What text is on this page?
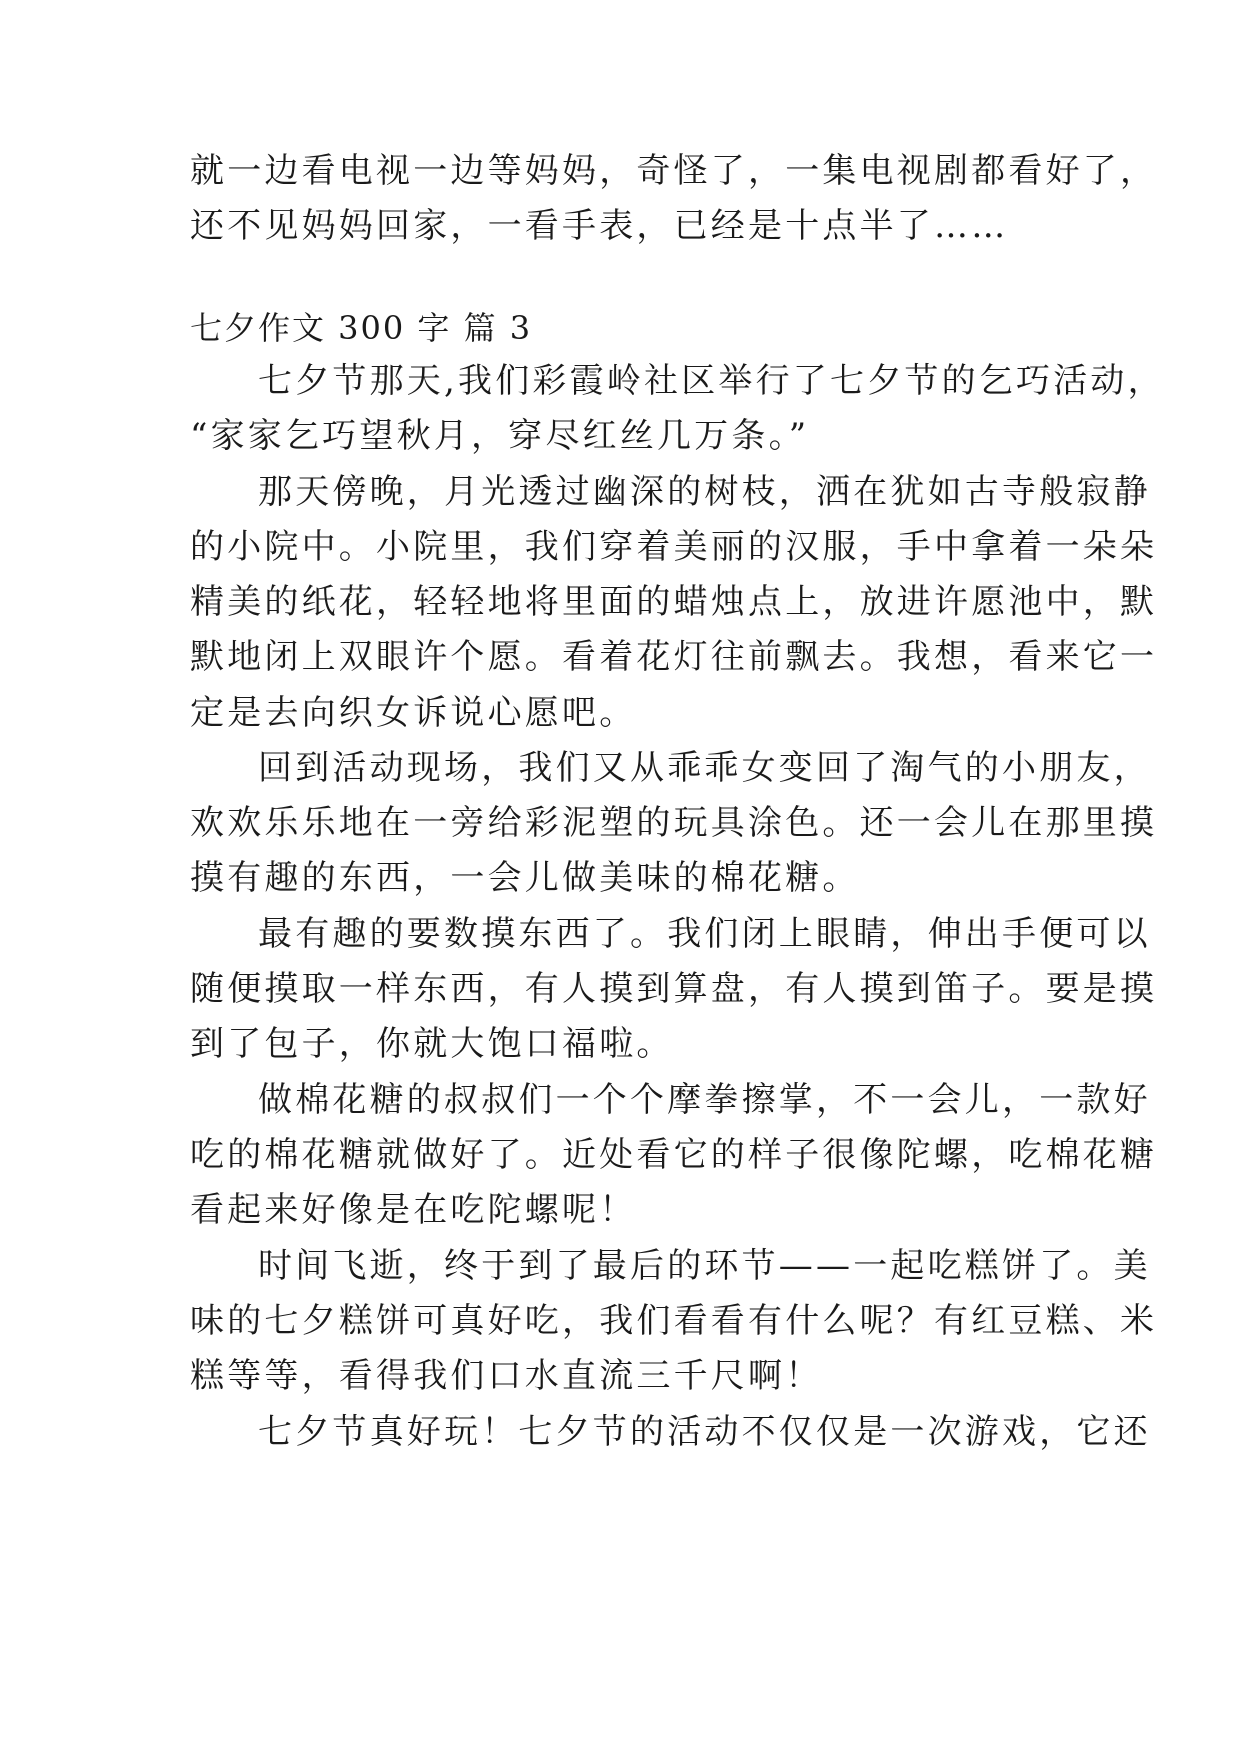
就一边看电视一边等妈妈，奇怪了，一集电视剧都看好了，
还不见妈妈回家，一看手表，已经是十点半了……
七夕作文 300 字 篇 3
七夕节那天,我们彩霞岭社区举行了七夕节的乞巧活动，
“家家乞巧望秋月，穿尽红丝几万条。”
那天傍晚，月光透过幽深的树枝，洒在犹如古寺般寂静
的小院中。小院里，我们穿着美丽的汉服，手中拿着一朵朵
精美的纸花，轻轻地将里面的蜡烛点上，放进许愿池中，默
默地闭上双眼许个愿。看着花灯往前飘去。我想，看来它一
定是去向织女诉说心愿吧。
回到活动现场，我们又从乖乖女变回了淘气的小朋友，
欢欢乐乐地在一旁给彩泥塑的玩具涂色。还一会儿在那里摸
摸有趣的东西，一会儿做美味的棉花糖。
最有趣的要数摸东西了。我们闭上眼睛，伸出手便可以
随便摸取一样东西，有人摸到算盘，有人摸到笛子。要是摸
到了包子，你就大饱口福啦。
做棉花糖的叔叔们一个个摩拳擦掌，不一会儿，一款好
吃的棉花糖就做好了。近处看它的样子很像陀螺，吃棉花糖
看起来好像是在吃陀螺呢！
时间飞逝，终于到了最后的环节——一起吃糕饼了。美
味的七夕糕饼可真好吃，我们看看有什么呢？有红豆糕、米
糕等等，看得我们口水直流三千尺啊！
七夕节真好玩！七夕节的活动不仅仅是一次游戏，它还
